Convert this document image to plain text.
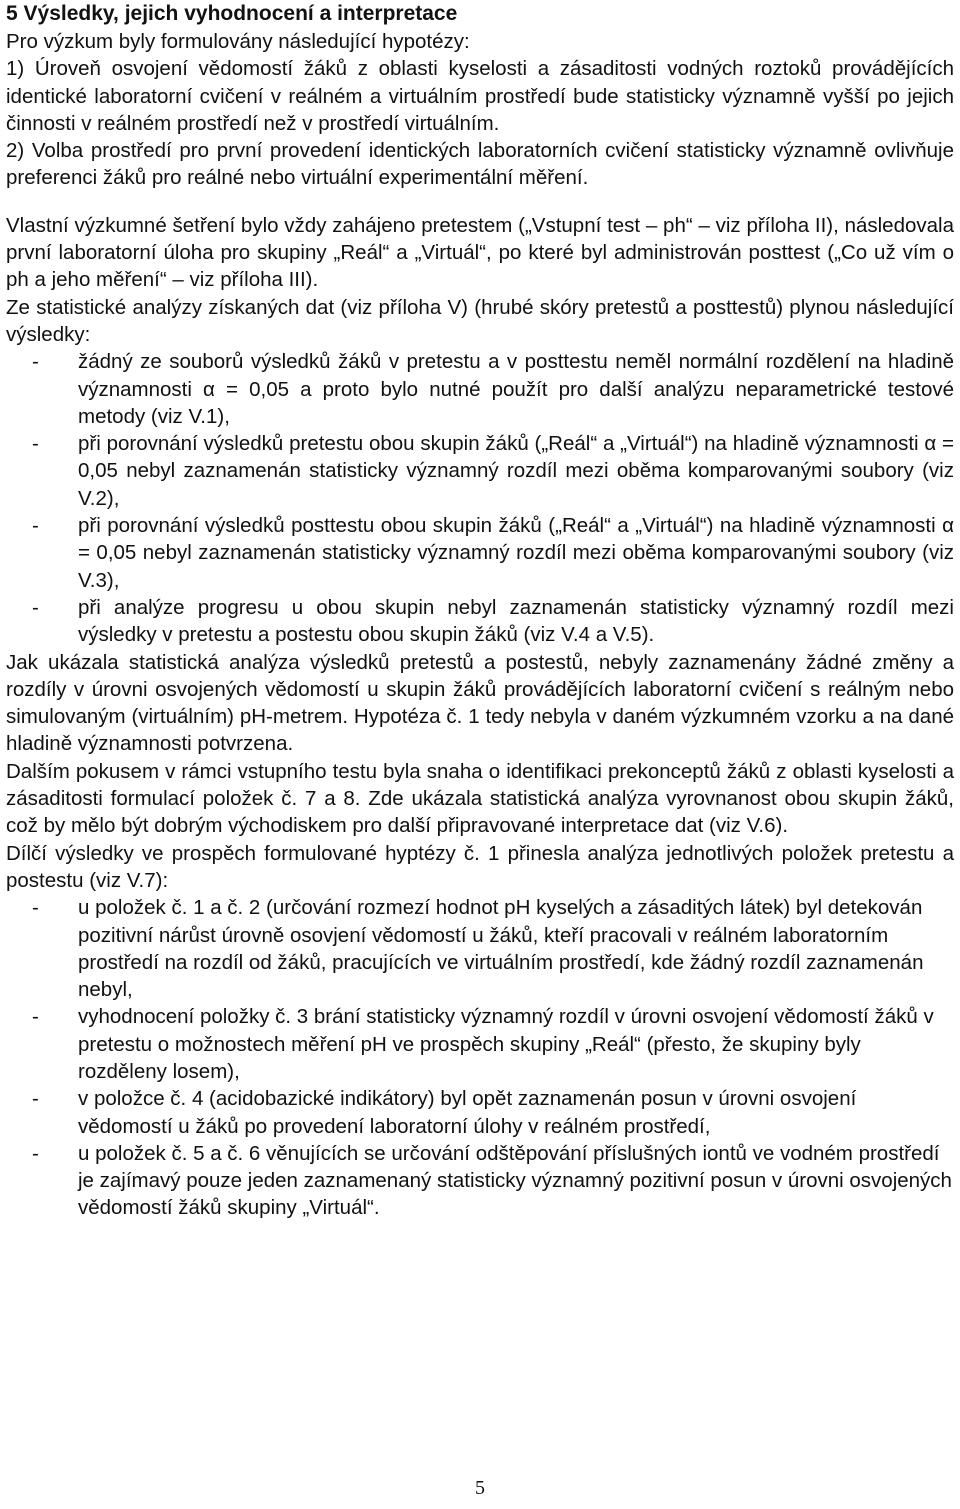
5 Výsledky, jejich vyhodnocení a interpretace

Pro výzkum byly formulovány následující hypotézy:

1) Úroveň osvojení vědomostí žáků z oblasti kyselosti a zásaditosti vodných roztoků provádějících identické laboratorní cvičení v reálném a virtuálním prostředí bude statisticky významně vyšší po jejich činnosti v reálném prostředí než v prostředí virtuálním.

2) Volba prostředí pro první provedení identických laboratorních cvičení statisticky významně ovlivňuje preferenci žáků pro reálné nebo virtuální experimentální měření.

Vlastní výzkumné šetření bylo vždy zahájeno pretestem („Vstupní test – ph“ – viz příloha II), následovala první laboratorní úloha pro skupiny „Reál“ a „Virtuál“, po které byl administrován posttest („Co už vím o ph a jeho měření“ – viz příloha III).

Ze statistické analýzy získaných dat (viz příloha V) (hrubé skóry pretestů a posttestů) plynou následující výsledky:

-	žádný ze souborů výsledků žáků v pretestu a v posttestu neměl normální rozdělení na hladině významnosti α = 0,05 a proto bylo nutné použít pro další analýzu neparametrické testové metody (viz V.1),
-	při porovnání výsledků pretestu obou skupin žáků („Reál“ a „Virtuál“) na hladině významnosti α = 0,05 nebyl zaznamenán statisticky významný rozdíl mezi oběma komparovanými soubory (viz V.2),
-	při porovnání výsledků posttestu obou skupin žáků („Reál“ a „Virtuál“) na hladině významnosti α = 0,05 nebyl zaznamenán statisticky významný rozdíl mezi oběma komparovanými soubory (viz V.3),
-	při analýze progresu u obou skupin nebyl zaznamenán statisticky významný rozdíl mezi výsledky v pretestu a postestu obou skupin žáků (viz V.4 a V.5).

Jak ukázala statistická analýza výsledků pretestů a postestů, nebyly zaznamenány žádné změny a rozdíly v úrovni osvojených vědomostí u skupin žáků provádějících laboratorní cvičení s reálným nebo simulovaným (virtuálním) pH-metrem. Hypotéza č. 1 tedy nebyla v daném výzkumném vzorku a na dané hladině významnosti potvrzena.

Dalším pokusem v rámci vstupního testu byla snaha o identifikaci prekonceptů žáků z oblasti kyselosti a zásaditosti formulací položek č. 7 a 8. Zde ukázala statistická analýza vyrovnanost obou skupin žáků, což by mělo být dobrým východiskem pro další připravované interpretace dat (viz V.6).

Dílčí výsledky ve prospěch formulované hyptézy č. 1 přinesla analýza jednotlivých položek pretestu a postestu (viz V.7):

-	u položek č. 1 a č. 2 (určování rozmezí hodnot pH kyselých a zásaditých látek) byl detekován pozitivní nárůst úrovně osovjení vědomostí u žáků, kteří pracovali v reálném laboratorním prostředí na rozdíl od žáků, pracujících ve virtuálním prostředí, kde žádný rozdíl zaznamenán nebyl,
-	vyhodnocení položky č. 3 brání statisticky významný rozdíl v úrovni osvojení vědomostí žáků v pretestu o možnostech měření pH ve prospěch skupiny „Reál“ (přesto, že skupiny byly rozděleny losem),
-	v položce č. 4 (acidobazické indikátory) byl opět zaznamenán posun v úrovni osvojení vědomostí u žáků po provedení laboratorní úlohy v reálném prostředí,
-	u položek č. 5 a č. 6 věnujících se určování odštěpování příslušných iontů ve vodném prostředí je zajímavý pouze jeden zaznamenaný statisticky významný pozitivní posun v úrovni osvojených vědomostí žáků skupiny „Virtuál“.
5
